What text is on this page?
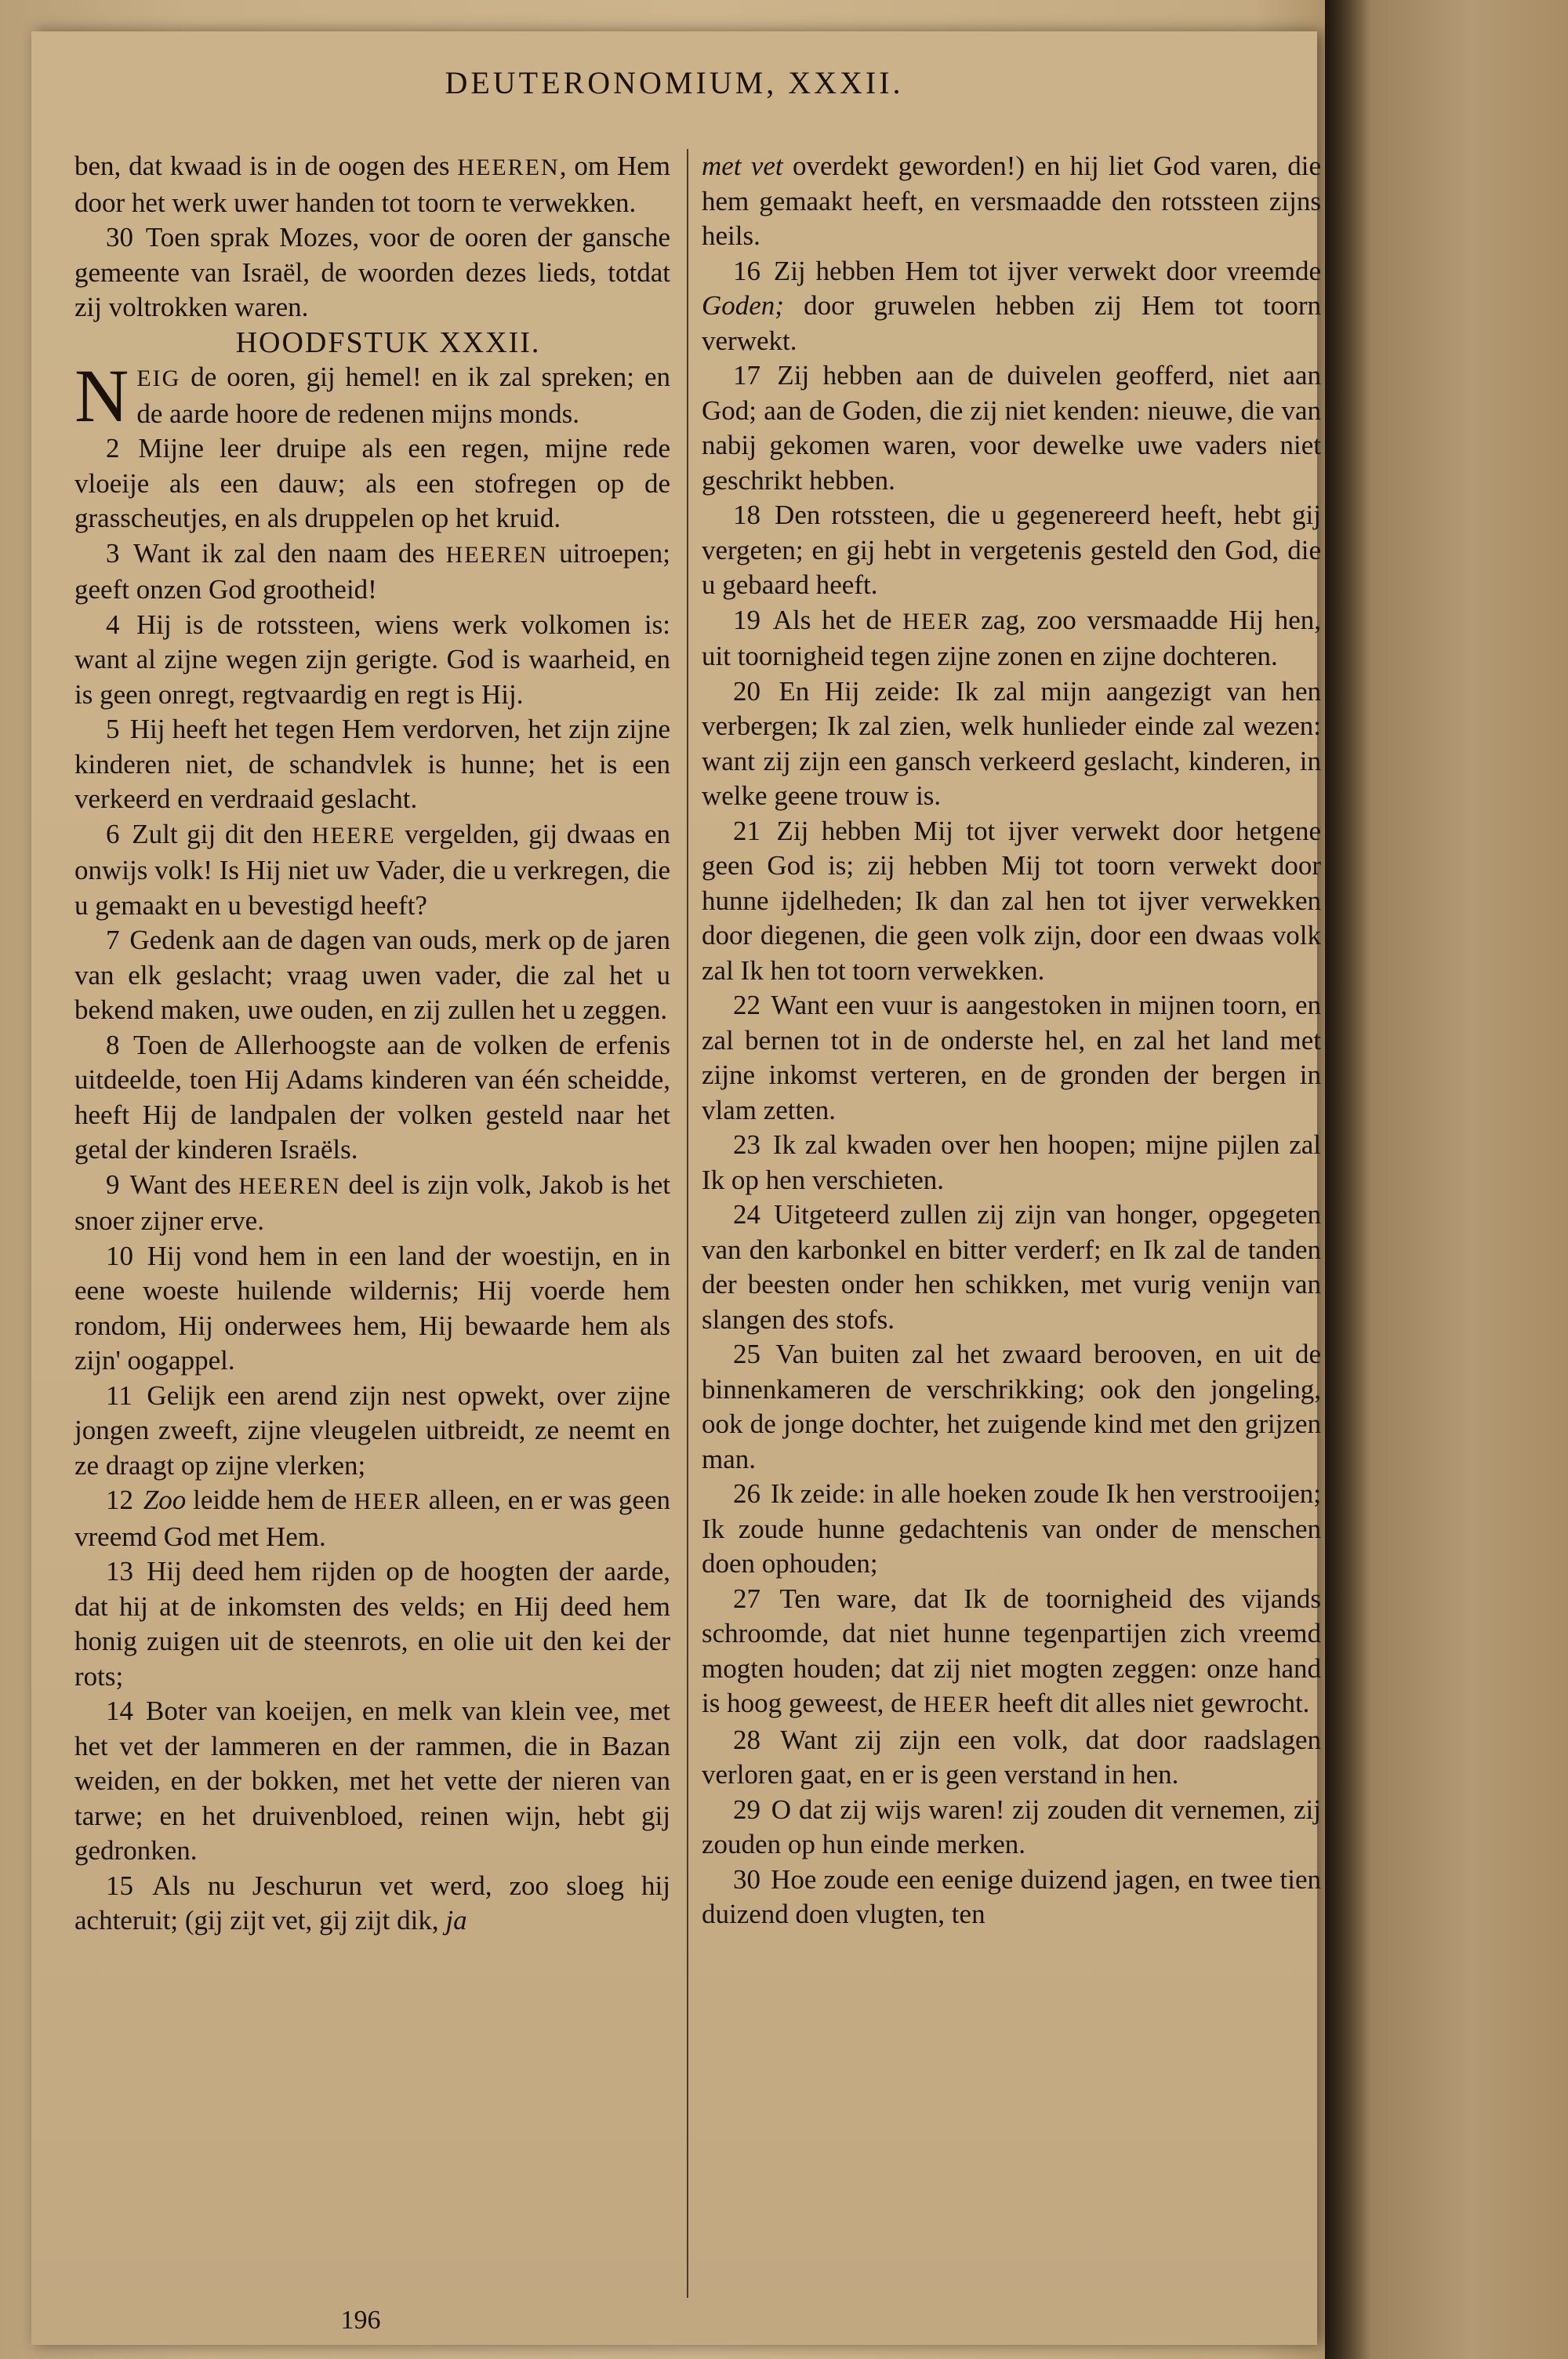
DEUTERONOMIUM, XXXII.

ben, dat kwaad is in de oogen des HEEREN, om Hem door het werk uwer handen tot toorn te verwekken.

30 Toen sprak Mozes, voor de ooren der gansche gemeente van Israël, de woorden dezes lieds, totdat zij voltrokken waren.

HOODFSTUK XXXII.

NEIG de ooren, gij hemel! en ik zal spreken; en de aarde hoore de redenen mijns monds.

2 Mijne leer druipe als een regen, mijne rede vloeije als een dauw; als een stofregen op de grasscheutjes, en als druppelen op het kruid.

3 Want ik zal den naam des HEEREN uitroepen; geeft onzen God grootheid!

4 Hij is de rotssteen, wiens werk volkomen is: want al zijne wegen zijn gerigte. God is waarheid, en is geen onregt, regtvaardig en regt is Hij.

5 Hij heeft het tegen Hem verdorven, het zijn zijne kinderen niet, de schandvlek is hunne; het is een verkeerd en verdraaid geslacht.

6 Zult gij dit den HEERE vergelden, gij dwaas en onwijs volk! Is Hij niet uw Vader, die u verkregen, die u gemaakt en u bevestigd heeft?

7 Gedenk aan de dagen van ouds, merk op de jaren van elk geslacht; vraag uwen vader, die zal het u bekend maken, uwe ouden, en zij zullen het u zeggen.

8 Toen de Allerhoogste aan de volken de erfenis uitdeelde, toen Hij Adams kinderen van één scheidde, heeft Hij de landpalen der volken gesteld naar het getal der kinderen Israëls.

9 Want des HEEREN deel is zijn volk, Jakob is het snoer zijner erve.

10 Hij vond hem in een land der woestijn, en in eene woeste huilende wildernis; Hij voerde hem rondom, Hij onderwees hem, Hij bewaarde hem als zijn' oogappel.

11 Gelijk een arend zijn nest opwekt, over zijne jongen zweeft, zijne vleugelen uitbreidt, ze neemt en ze draagt op zijne vlerken;

12 Zoo leidde hem de HEER alleen, en er was geen vreemd God met Hem.

13 Hij deed hem rijden op de hoogten der aarde, dat hij at de inkomsten des velds; en Hij deed hem honig zuigen uit de steenrots, en olie uit den kei der rots;

14 Boter van koeijen, en melk van klein vee, met het vet der lammeren en der rammen, die in Bazan weiden, en der bokken, met het vette der nieren van tarwe; en het druivenbloed, reinen wijn, hebt gij gedronken.

15 Als nu Jeschurun vet werd, zoo sloeg hij achteruit; (gij zijt vet, gij zijt dik, ja

met vet overdekt geworden!) en hij liet God varen, die hem gemaakt heeft, en versmaadde den rotssteen zijns heils.

16 Zij hebben Hem tot ijver verwekt door vreemde Goden; door gruwelen hebben zij Hem tot toorn verwekt.

17 Zij hebben aan de duivelen geofferd, niet aan God; aan de Goden, die zij niet kenden: nieuwe, die van nabij gekomen waren, voor dewelke uwe vaders niet geschrikt hebben.

18 Den rotssteen, die u gegenereerd heeft, hebt gij vergeten; en gij hebt in vergetenis gesteld den God, die u gebaard heeft.

19 Als het de HEER zag, zoo versmaadde Hij hen, uit toornigheid tegen zijne zonen en zijne dochteren.

20 En Hij zeide: Ik zal mijn aangezigt van hen verbergen; Ik zal zien, welk hunlieder einde zal wezen: want zij zijn een gansch verkeerd geslacht, kinderen, in welke geene trouw is.

21 Zij hebben Mij tot ijver verwekt door hetgene geen God is; zij hebben Mij tot toorn verwekt door hunne ijdelheden; Ik dan zal hen tot ijver verwekken door diegenen, die geen volk zijn, door een dwaas volk zal Ik hen tot toorn verwekken.

22 Want een vuur is aangestoken in mijnen toorn, en zal bernen tot in de onderste hel, en zal het land met zijne inkomst verteren, en de gronden der bergen in vlam zetten.

23 Ik zal kwaden over hen hoopen; mijne pijlen zal Ik op hen verschieten.

24 Uitgeteerd zullen zij zijn van honger, opgegeten van den karbonkel en bitter verderf; en Ik zal de tanden der beesten onder hen schikken, met vurig venijn van slangen des stofs.

25 Van buiten zal het zwaard berooven, en uit de binnenkameren de verschrikking; ook den jongeling, ook de jonge dochter, het zuigende kind met den grijzen man.

26 Ik zeide: in alle hoeken zoude Ik hen verstrooijen; Ik zoude hunne gedachtenis van onder de menschen doen ophouden;

27 Ten ware, dat Ik de toornigheid des vijands schroomde, dat niet hunne tegenpartijen zich vreemd mogten houden; dat zij niet mogten zeggen: onze hand is hoog geweest, de HEER heeft dit alles niet gewrocht.

28 Want zij zijn een volk, dat door raadslagen verloren gaat, en er is geen verstand in hen.

29 O dat zij wijs waren! zij zouden dit vernemen, zij zouden op hun einde merken.

30 Hoe zoude een eenige duizend jagen, en twee tien duizend doen vlugten, ten

196
